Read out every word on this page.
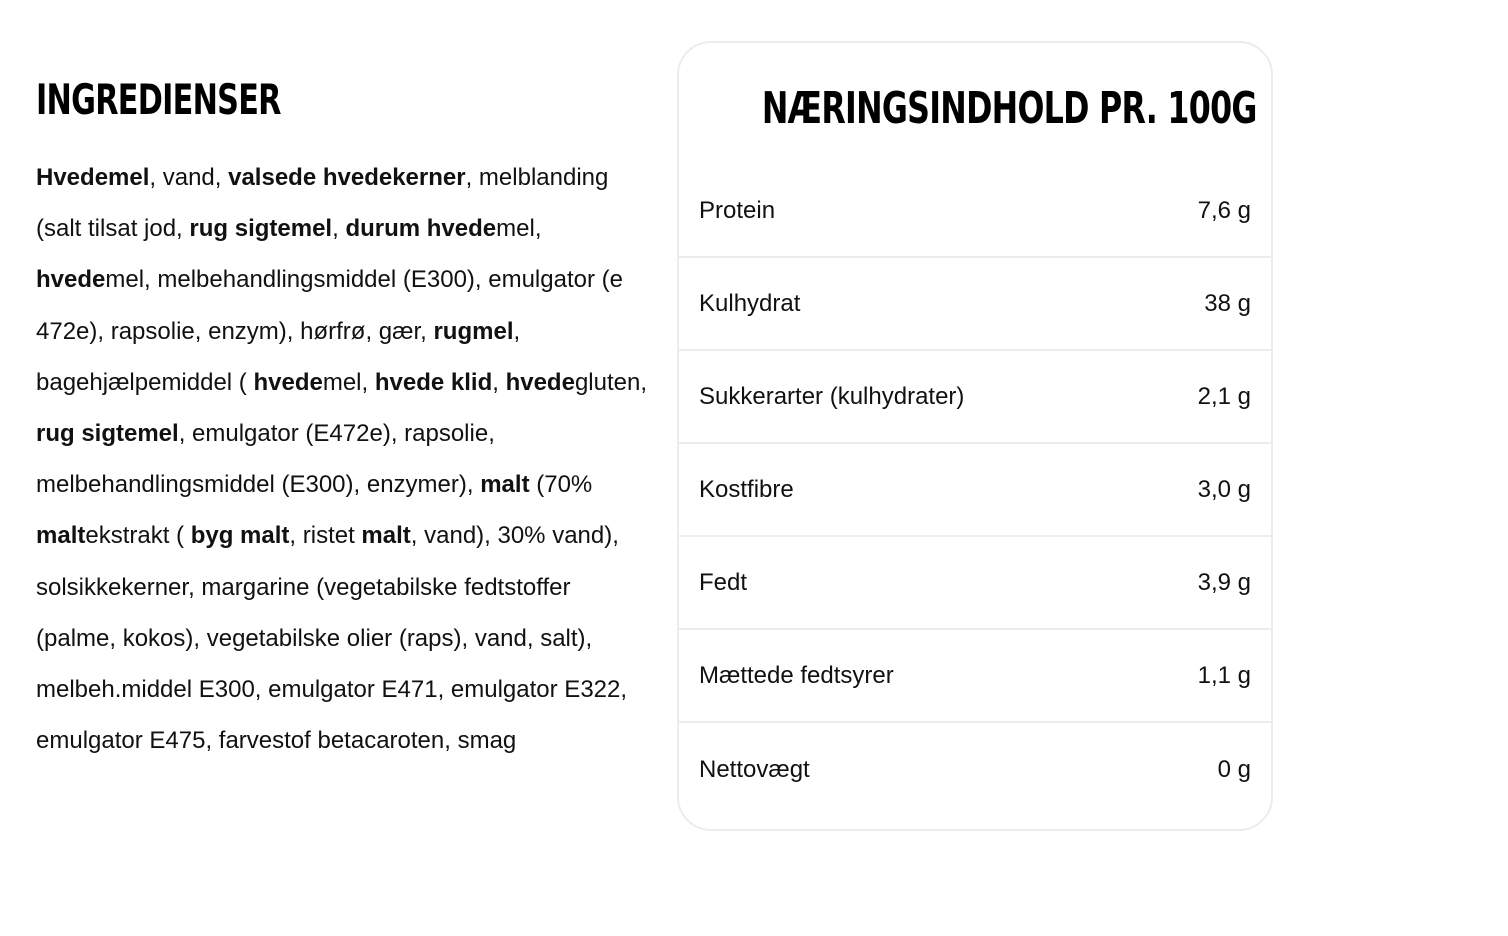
INGREDIENSER

Hvedemel, vand, valsede hvedekerner, melblanding (salt tilsat jod, rug sigtemel, durum hvedemel, hvedemel, melbehandlingsmiddel (E300), emulgator (e 472e), rapsolie, enzym), hørfrø, gær, rugmel, bagehjælpemiddel ( hvedemel, hvede klid, hvedegluten, rug sigtemel, emulgator (E472e), rapsolie, melbehandlingsmiddel (E300), enzymer), malt (70% maltekstrakt ( byg malt, ristet malt, vand), 30% vand), solsikkekerner, margarine (vegetabilske fedtstoffer (palme, kokos), vegetabilske olier (raps), vand, salt), melbeh.middel E300, emulgator E471, emulgator E322, emulgator E475, farvestof betacaroten, smag

NÆRINGSINDHOLD PR. 100G
Protein	7,6 g
Kulhydrat	38 g
Sukkerarter (kulhydrater)	2,1 g
Kostfibre	3,0 g
Fedt	3,9 g
Mættede fedtsyrer	1,1 g
Nettovægt	0 g
